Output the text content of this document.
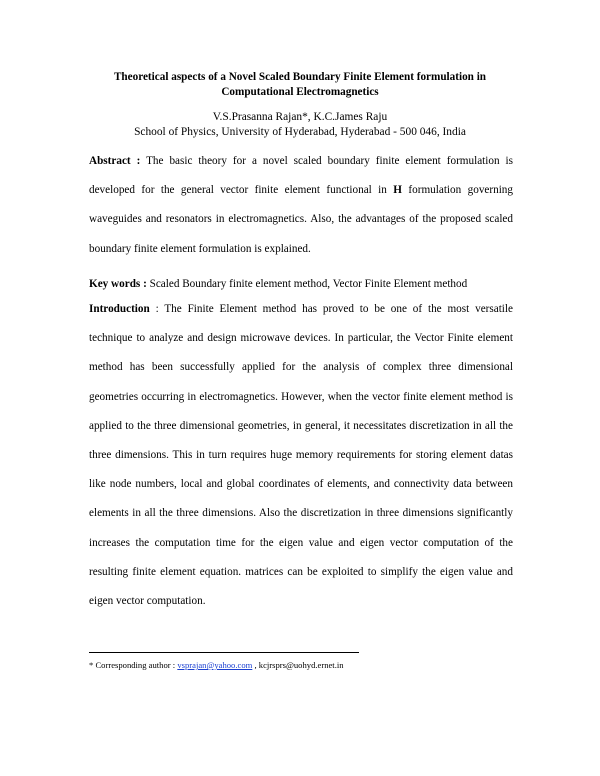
Theoretical aspects of a Novel Scaled Boundary Finite Element formulation in
Computational Electromagnetics
V.S.Prasanna Rajan*, K.C.James Raju
School of Physics, University of Hyderabad, Hyderabad - 500 046, India
Abstract : The basic theory for a novel scaled boundary finite element formulation is developed for the general vector finite element functional in H formulation governing waveguides and resonators in electromagnetics. Also, the advantages of the proposed scaled boundary finite element formulation is explained.
Key words : Scaled Boundary finite element method, Vector Finite Element method
Introduction : The Finite Element method has proved to be one of the most versatile technique to analyze and design microwave devices. In particular, the Vector Finite element method has been successfully applied for the analysis of complex three dimensional geometries occurring in electromagnetics. However, when the vector finite element method is applied to the three dimensional geometries, in general, it necessitates discretization in all the three dimensions. This in turn requires huge memory requirements for storing element datas like node numbers, local and global coordinates of elements, and connectivity data between elements in all the three dimensions. Also the discretization in three dimensions significantly increases the computation time for the eigen value and eigen vector computation of the resulting finite element equation. matrices can be exploited to simplify the eigen value and eigen vector computation.
* Corresponding author : vsprajan@yahoo.com , kcjrsprs@uohyd.ernet.in
